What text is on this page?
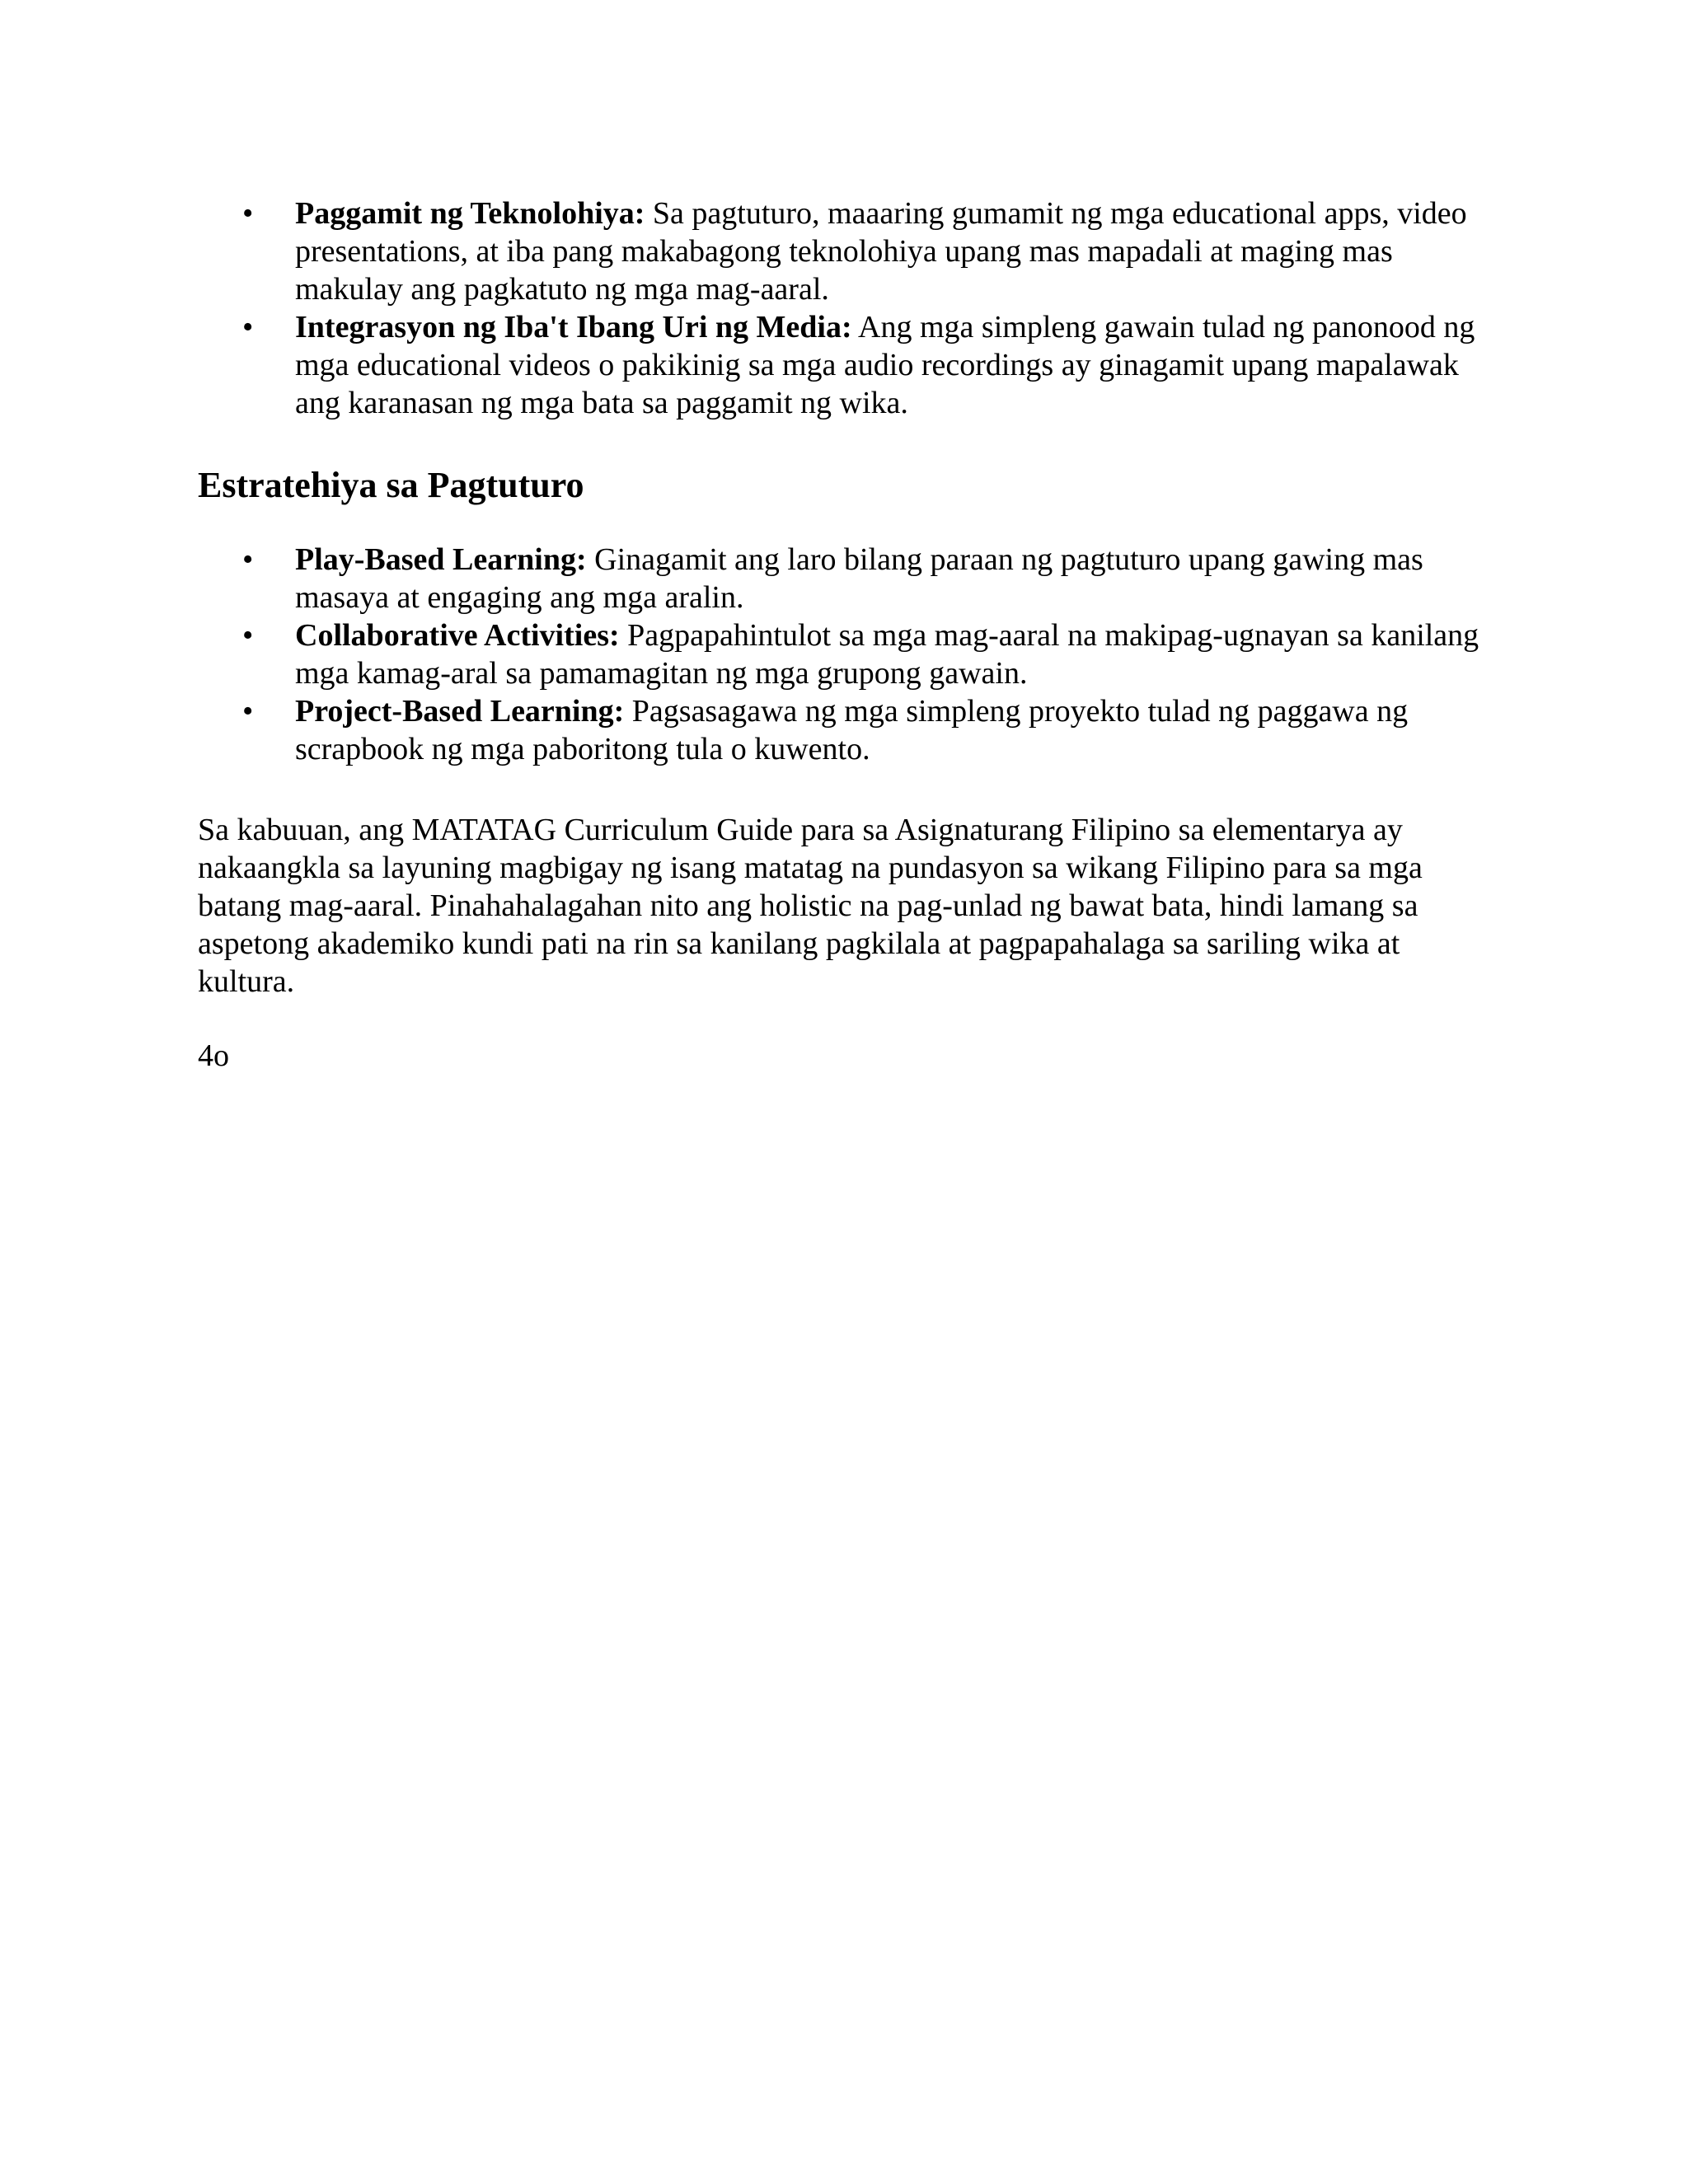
• Paggamit ng Teknolohiya: Sa pagtuturo, maaaring gumamit ng mga educational apps, video presentations, at iba pang makabagong teknolohiya upang mas mapadali at maging mas makulay ang pagkatuto ng mga mag-aaral.
• Integrasyon ng Iba't Ibang Uri ng Media: Ang mga simpleng gawain tulad ng panonood ng mga educational videos o pakikinig sa mga audio recordings ay ginagamit upang mapalawak ang karanasan ng mga bata sa paggamit ng wika.
Estratehiya sa Pagtuturo
• Play-Based Learning: Ginagamit ang laro bilang paraan ng pagtuturo upang gawing mas masaya at engaging ang mga aralin.
• Collaborative Activities: Pagpapahintulot sa mga mag-aaral na makipag-ugnayan sa kanilang mga kamag-aral sa pamamagitan ng mga grupong gawain.
• Project-Based Learning: Pagsasagawa ng mga simpleng proyekto tulad ng paggawa ng scrapbook ng mga paboritong tula o kuwento.

Sa kabuuan, ang MATATAG Curriculum Guide para sa Asignaturang Filipino sa elementarya ay nakaangkla sa layuning magbigay ng isang matatag na pundasyon sa wikang Filipino para sa mga batang mag-aaral. Pinahahalagahan nito ang holistic na pag-unlad ng bawat bata, hindi lamang sa aspetong akademiko kundi pati na rin sa kanilang pagkilala at pagpapahalaga sa sariling wika at kultura.

4o
